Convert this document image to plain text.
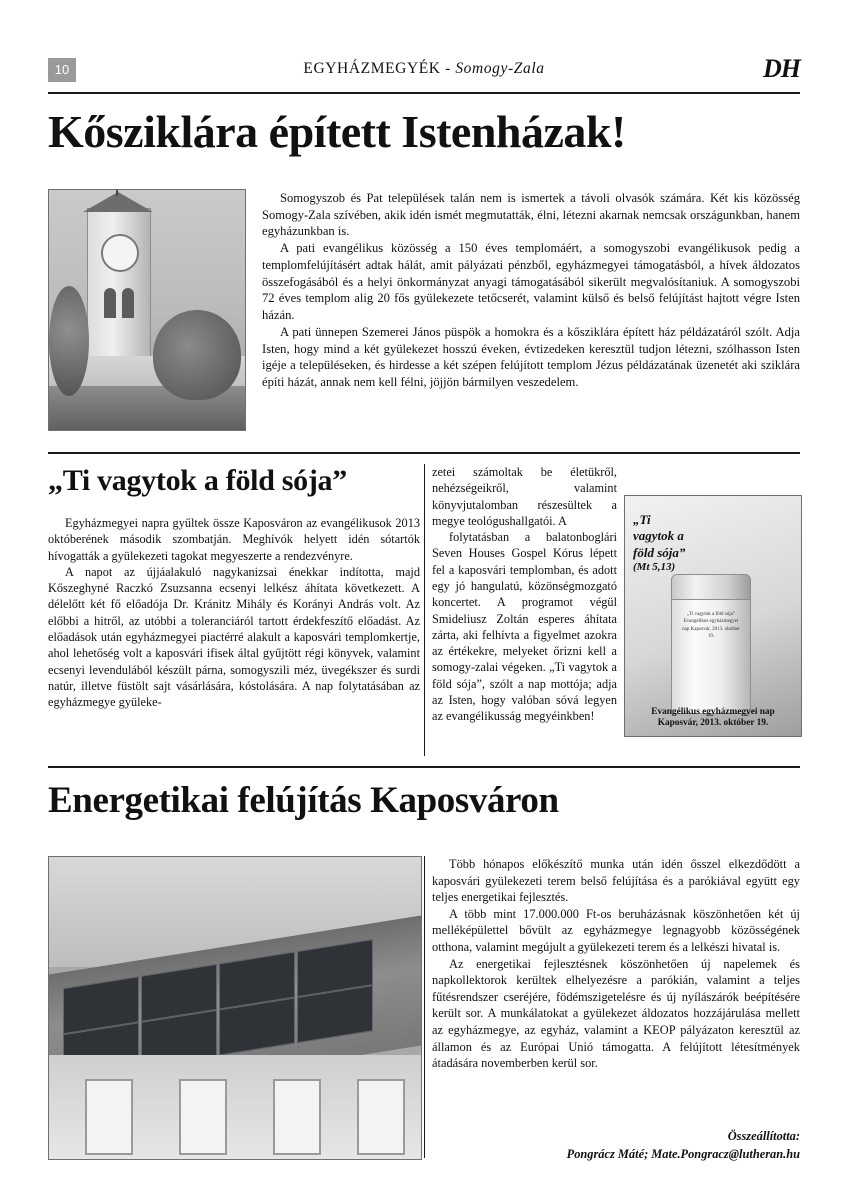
10	EGYHÁZMEGYÉK - Somogy-Zala	DH
Kősziklára épített Istenházak!

Somogyszob és Pat települések talán nem is ismertek a távoli olvasók számára. Két kis közösség Somogy-Zala szívében, akik idén ismét megmutatták, élni, létezni akarnak nemcsak országunkban, hanem egyházunkban is.

A pati evangélikus közösség a 150 éves templomáért, a somogyszobi evangélikusok pedig a templomfelújításért adtak hálát, amit pályázati pénzből, egyházmegyei támogatásból, a hívek áldozatos összefogásából és a helyi önkormányzat anyagi támogatásából sikerült megvalósítaniuk. A somogyszobi 72 éves templom alig 20 fős gyülekezete tetőcserét, valamint külső és belső felújítást hajtott végre Isten házán.

A pati ünnepen Szemerei János püspök a homokra és a kősziklára épített ház példázatáról szólt. Adja Isten, hogy mind a két gyülekezet hosszú éveken, évtizedeken keresztül tudjon létezni, szólhasson Isten igéje a településeken, és hirdesse a két szépen felújított templom Jézus példázatának üzenetét aki sziklára építi házát, annak nem kell félni, jöjjön bármilyen veszedelem.

„Ti vagytok a föld sója”

Egyházmegyei napra gyűltek össze Kaposváron az evangélikusok 2013 októberének második szombatján. Meghívók helyett idén sótartók hívogatták a gyülekezeti tagokat megyeszerte a rendezvényre.

A napot az újjáalakuló nagykanizsai énekkar indította, majd Kőszeghyné Raczkó Zsuzsanna ecsenyi lelkész áhítata következett. A délelőtt két fő előadója Dr. Kránitz Mihály és Korányi András volt. Az előbbi a hitről, az utóbbi a toleranciáról tartott érdekfeszítő előadást. Az előadások után egyházmegyei piactérré alakult a kaposvári templomkertje, ahol lehetőség volt a kaposvári ifisek által gyűjtött régi könyvek, valamint ecsenyi levendulából készült párna, somogyszili méz, üvegékszer és surdi natúr, illetve füstölt sajt vásárlására, kóstolására. A nap folytatásában az egyházmegye gyüleke-

zetei számoltak be életükről, nehézségeikről, valamint könyvjutalomban részesültek a megye teológushallgatói. A

folytatásban a balatonboglári Seven Houses Gospel Kórus lépett fel a kaposvári templomban, és adott egy jó hangulatú, közönségmozgató koncertet. A programot végül Smideliusz Zoltán esperes áhítata zárta, aki felhívta a figyelmet azokra az értékekre, melyeket őrizni kell a somogy-zalai végeken. „Ti vagytok a föld sója”, szólt a nap mottója; adja az Isten, hogy valóban sóvá legyen az evangélikusság megyéinkben!

„Ti
vagytok a
föld sója”
(Mt 5,13)
„Ti vagytok a föld sója” Evangélikus egyházmegyei nap Kaposvár, 2013. október 19.
Evangélikus egyházmegyei nap
Kaposvár, 2013. október 19.
Energetikai felújítás Kaposváron

Több hónapos előkészítő munka után idén ősszel elkezdődött a kaposvári gyülekezeti terem belső felújítása és a parókiával együtt egy teljes energetikai fejlesztés.

A több mint 17.000.000 Ft-os beruházásnak köszönhetően két új melléképülettel bővült az egyházmegye legnagyobb közösségének otthona, valamint megújult a gyülekezeti terem és a lelkészi hivatal is.

Az energetikai fejlesztésnek köszönhetően új napelemek és napkollektorok kerültek elhelyezésre a parókián, valamint a teljes fűtésrendszer cseréjére, födémszigetelésre és új nyílászárók beépítésére került sor. A munkálatokat a gyülekezet áldozatos hozzájárulása mellett az egyházmegye, az egyház, valamint a KEOP pályázaton keresztül az államon és az Európai Unió támogatta. A felújított létesítmények átadására novemberben kerül sor.

Összeállította:
Pongrácz Máté; Mate.Pongracz@lutheran.hu
